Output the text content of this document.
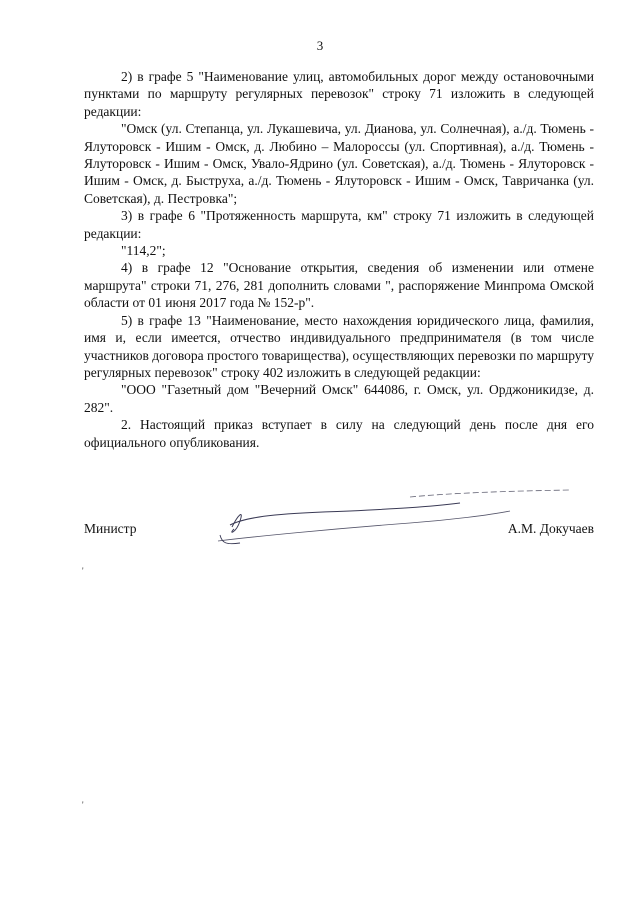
3

2) в графе 5 "Наименование улиц, автомобильных дорог между остановочными пунктами по маршруту регулярных перевозок" строку 71 изложить в следующей редакции:

"Омск (ул. Степанца, ул. Лукашевича, ул. Дианова, ул. Солнечная), а./д. Тюмень - Ялуторовск - Ишим - Омск, д. Любино – Малороссы (ул. Спортивная), а./д. Тюмень - Ялуторовск - Ишим - Омск, Увало-Ядрино (ул. Советская), а./д. Тюмень - Ялуторовск - Ишим - Омск, д. Быструха, а./д. Тюмень - Ялуторовск - Ишим - Омск, Тавричанка (ул. Советская), д. Пестровка";

3) в графе 6 "Протяженность маршрута, км" строку 71 изложить в следующей редакции:

"114,2";

4) в графе 12 "Основание открытия, сведения об изменении или отмене маршрута" строки 71, 276, 281 дополнить словами ", распоряжение Минпрома Омской области от 01 июня 2017 года № 152-р".

5) в графе 13 "Наименование, место нахождения юридического лица, фамилия, имя и, если имеется, отчество индивидуального предпринимателя (в том числе участников договора простого товарищества), осуществляющих перевозки по маршруту регулярных перевозок" строку 402 изложить в следующей редакции:

"ООО "Газетный дом "Вечерний Омск" 644086, г. Омск, ул. Орджоникидзе, д. 282".

2. Настоящий приказ вступает в силу на следующий день после дня его официального опубликования.

Министр	А.М. Докучаев
'
'
